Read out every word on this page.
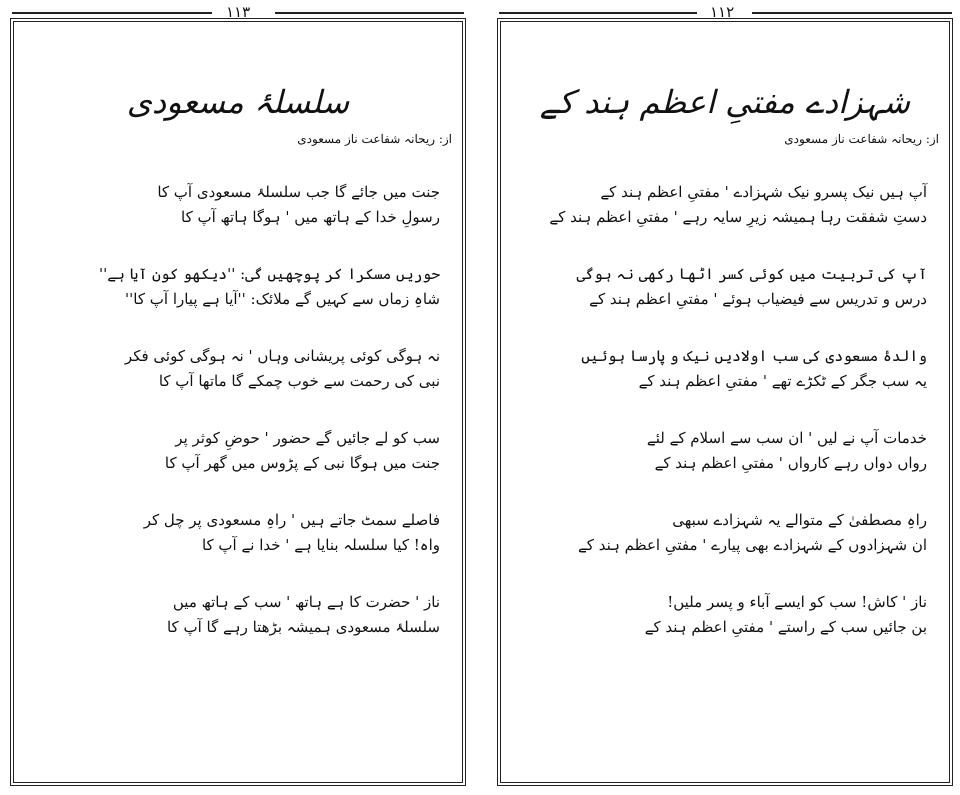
۱۱۳	۱۱۲
سلسلۂ مسعودی
از: ریحانہ شفاعت ناز مسعودی
جنت میں جائے گا جب سلسلۂ مسعودی آپ کا
رسولِ خدا کے ہاتھ میں ' ہوگا ہاتھ آپ کا
حوریں مسکرا کر پوچھیں گی: ''دیکھو کون آیا ہے''
شاہِ زماں سے کہیں گے ملائک: ''آیا ہے پیارا آپ کا''
نہ ہوگی کوئی پریشانی وہاں ' نہ ہوگی کوئی فکر
نبی کی رحمت سے خوب چمکے گا ماتھا آپ کا
سب کو لے جائیں گے حضور ' حوضِ کوثر پر
جنت میں ہوگا نبی کے پڑوس میں گھر آپ کا
فاصلے سمٹ جاتے ہیں ' راہِ مسعودی پر چل کر
واہ! کیا سلسلہ بنایا ہے ' خدا نے آپ کا
ناز ' حضرت کا ہے ہاتھ ' سب کے ہاتھ میں
سلسلۂ مسعودی ہمیشہ بڑھتا رہے گا آپ کا
شہزادے مفتیِ اعظم ہند کے
از: ریحانہ شفاعت ناز مسعودی
آپ ہیں نیک پسرو نیک شہزادے ' مفتیِ اعظم ہند کے
دستِ شفقت رہا ہمیشہ زیرِ سایہ رہے ' مفتیِ اعظم ہند کے
آپ کی تربیت میں کوئی کسر اٹھا رکھی نہ ہوگی
درس و تدریس سے فیضیاب ہوئے ' مفتیِ اعظم ہند کے
والدۂ مسعودی کی سب اولادیں نیک و پارسا ہوئیں
یہ سب جگر کے ٹکڑے تھے ' مفتیِ اعظم ہند کے
خدمات آپ نے لیں ' ان سب سے اسلام کے لئے
رواں دواں رہے کارواں ' مفتیِ اعظم ہند کے
راہِ مصطفیٰ کے متوالے یہ شہزادے سبھی
ان شہزادوں کے شہزادے بھی پیارے ' مفتیِ اعظم ہند کے
ناز ' کاش! سب کو ایسے آباء و پسر ملیں!
بن جائیں سب کے راستے ' مفتیِ اعظم ہند کے
